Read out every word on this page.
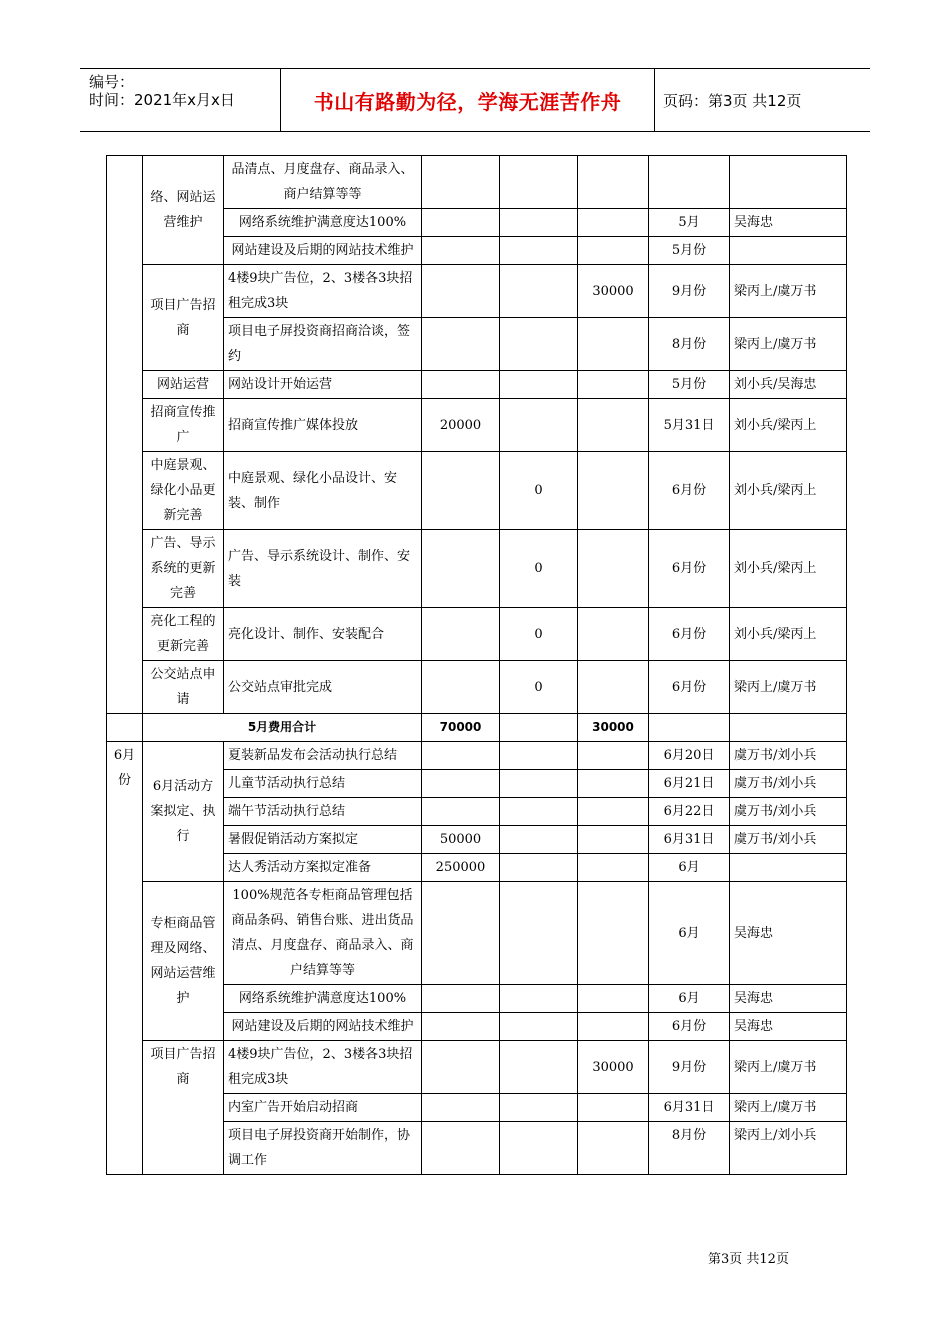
编号：
时间：2021年x月x日	书山有路勤为径，学海无涯苦作舟	页码：第3页 共12页
	络、网站运营维护	品清点、月度盘存、商品录入、商户结算等等					
		网络系统维护满意度达100%				5月	吴海忠
		网站建设及后期的网站技术维护				5月份	
	项目广告招商	4楼9块广告位，2、3楼各3块招租完成3块			30000	9月份	梁丙上/虞万书
		项目电子屏投资商招商洽谈，签约				8月份	梁丙上/虞万书
	网站运营	网站设计开始运营				5月份	刘小兵/吴海忠
	招商宣传推广	招商宣传推广媒体投放	20000			5月31日	刘小兵/梁丙上
	中庭景观、绿化小品更新完善	中庭景观、绿化小品设计、安装、制作		0		6月份	刘小兵/梁丙上
	广告、导示系统的更新完善	广告、导示系统设计、制作、安装		0		6月份	刘小兵/梁丙上
	亮化工程的更新完善	亮化设计、制作、安装配合		0		6月份	刘小兵/梁丙上
	公交站点申请	公交站点审批完成		0		6月份	梁丙上/虞万书
	5月费用合计		70000		30000		
6月份	6月活动方案拟定、执行	夏装新品发布会活动执行总结				6月20日	虞万书/刘小兵
		儿童节活动执行总结				6月21日	虞万书/刘小兵
		端午节活动执行总结				6月22日	虞万书/刘小兵
		暑假促销活动方案拟定	50000			6月31日	虞万书/刘小兵
		达人秀活动方案拟定准备	250000			6月	
	专柜商品管理及网络、网站运营维护	100%规范各专柜商品管理包括商品条码、销售台账、进出货品清点、月度盘存、商品录入、商户结算等等				6月	吴海忠
		网络系统维护满意度达100%				6月	吴海忠
		网站建设及后期的网站技术维护				6月份	吴海忠
	项目广告招商	4楼9块广告位，2、3楼各3块招租完成3块			30000	9月份	梁丙上/虞万书
		内室广告开始启动招商				6月31日	梁丙上/虞万书
		项目电子屏投资商开始制作，协调工作				8月份	梁丙上/刘小兵
第3页 共12页
